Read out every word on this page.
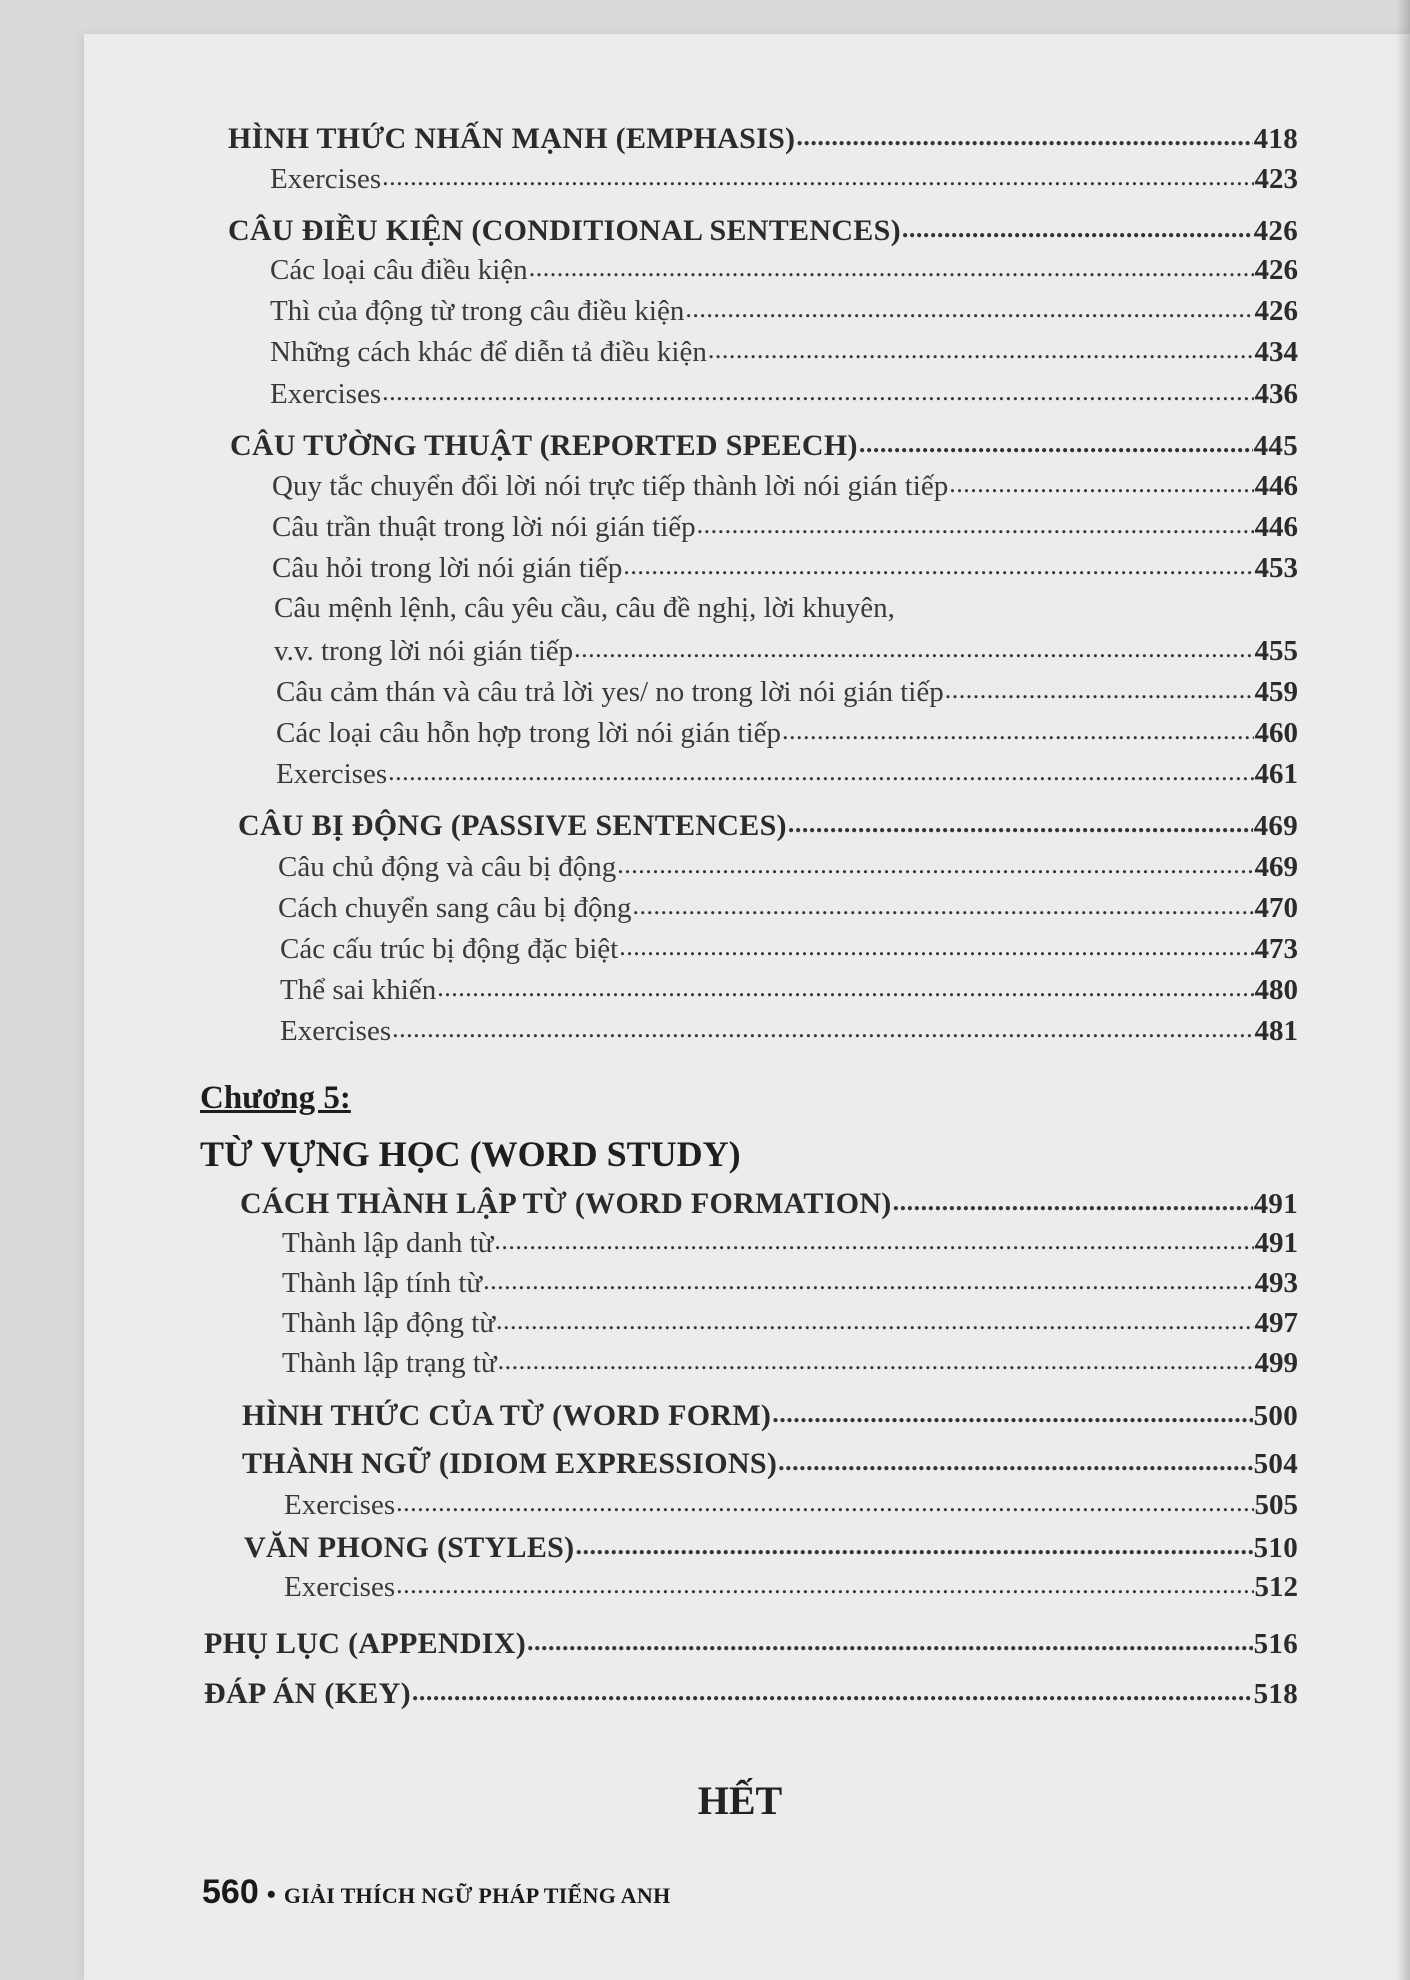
Chương 5:
TỪ VỰNG HỌC (WORD STUDY)
HẾT
560 • GIẢI THÍCH NGỮ PHÁP TIẾNG ANH
HÌNH THỨC NHẤN MẠNH (EMPHASIS) . . .	418
Exercises . . .	423
CÂU ĐIỀU KIỆN (CONDITIONAL SENTENCES) . . .	426
Các loại câu điều kiện . . .	426
Thì của động từ trong câu điều kiện . . .	426
Những cách khác để diễn tả điều kiện . . .	434
Exercises . . .	436
CÂU TƯỜNG THUẬT (REPORTED SPEECH) . . .	445
Quy tắc chuyển đổi lời nói trực tiếp thành lời nói gián tiếp . . .	446
Câu trần thuật trong lời nói gián tiếp . . .	446
Câu hỏi trong lời nói gián tiếp . . .	453
Câu mệnh lệnh, câu yêu cầu, câu đề nghị, lời khuyên,
v.v. trong lời nói gián tiếp . . .	455
Câu cảm thán và câu trả lời yes/ no trong lời nói gián tiếp . . .	459
Các loại câu hỗn hợp trong lời nói gián tiếp . . .	460
Exercises . . .	461
CÂU BỊ ĐỘNG (PASSIVE SENTENCES) . . .	469
Câu chủ động và câu bị động . . .	469
Cách chuyển sang câu bị động . . .	470
Các cấu trúc bị động đặc biệt . . .	473
Thể sai khiến . . .	480
Exercises . . .	481
CÁCH THÀNH LẬP TỪ (WORD FORMATION) . . .	491
Thành lập danh từ . . .	491
Thành lập tính từ . . .	493
Thành lập động từ . . .	497
Thành lập trạng từ . . .	499
HÌNH THỨC CỦA TỪ (WORD FORM) . . .	500
THÀNH NGỮ (IDIOM EXPRESSIONS) . . .	504
Exercises . . .	505
VĂN PHONG (STYLES) . . .	510
Exercises . . .	512
PHỤ LỤC (APPENDIX) . . .	516
ĐÁP ÁN (KEY) . . .	518
